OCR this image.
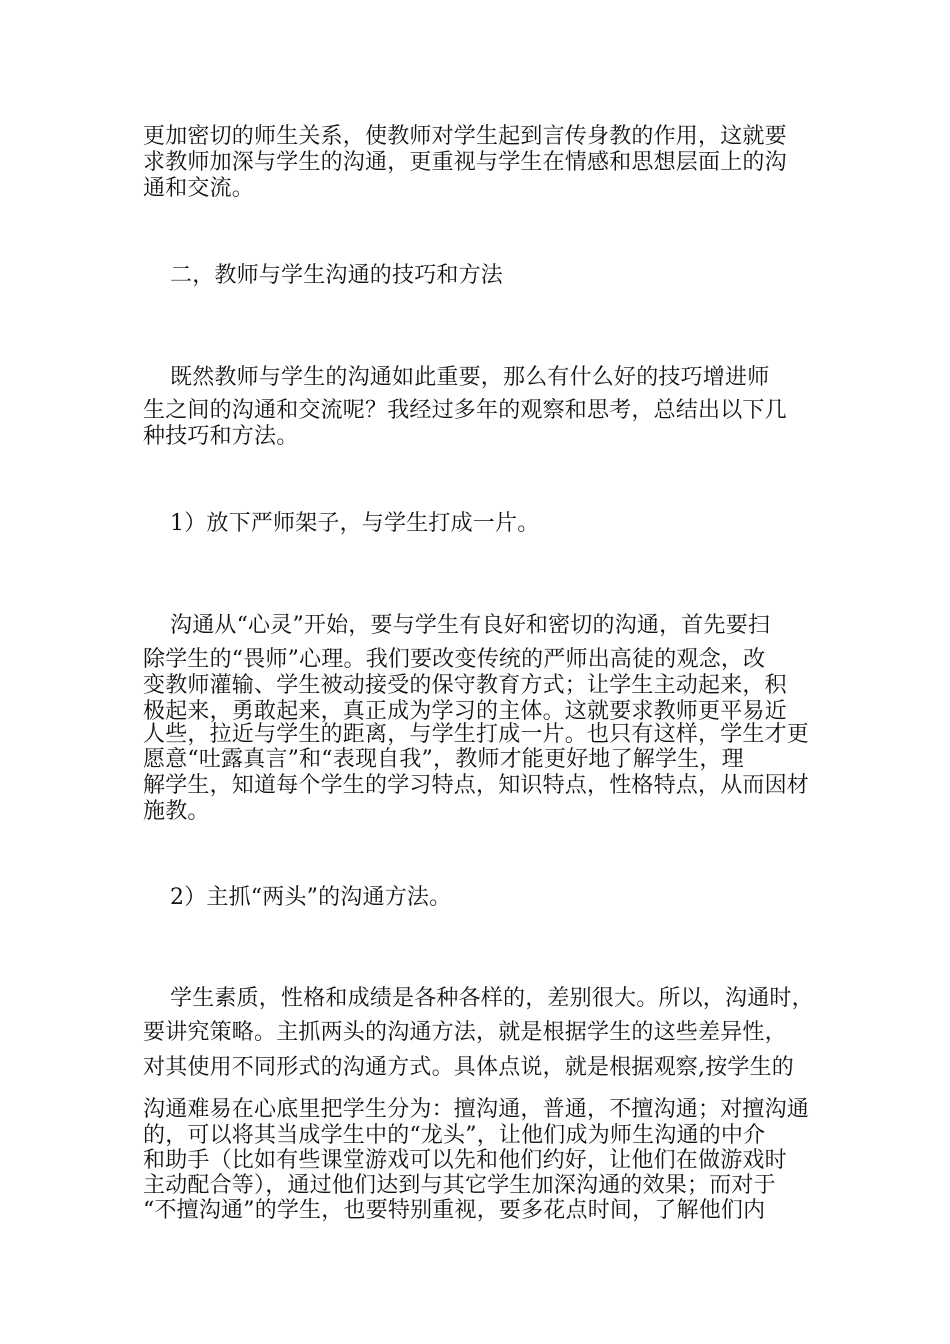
更加密切的师生关系，使教师对学生起到言传身教的作用，这就要
求教师加深与学生的沟通，更重视与学生在情感和思想层面上的沟
通和交流。
二，教师与学生沟通的技巧和方法
既然教师与学生的沟通如此重要，那么有什么好的技巧增进师
生之间的沟通和交流呢？我经过多年的观察和思考，总结出以下几
种技巧和方法。
1）放下严师架子，与学生打成一片。
沟通从“心灵”开始，要与学生有良好和密切的沟通，首先要扫
除学生的“畏师”心理。我们要改变传统的严师出高徒的观念，改
变教师灌输、学生被动接受的保守教育方式；让学生主动起来，积
极起来，勇敢起来，真正成为学习的主体。这就要求教师更平易近
人些，拉近与学生的距离，与学生打成一片。也只有这样，学生才更
愿意“吐露真言”和“表现自我”，教师才能更好地了解学生，理
解学生，知道每个学生的学习特点，知识特点，性格特点，从而因材
施教。
2）主抓“两头”的沟通方法。
学生素质，性格和成绩是各种各样的，差别很大。所以，沟通时，
要讲究策略。主抓两头的沟通方法，就是根据学生的这些差异性，
对其使用不同形式的沟通方式。具体点说，就是根据观察,按学生的
沟通难易在心底里把学生分为：擅沟通，普通，不擅沟通；对擅沟通
的，可以将其当成学生中的“龙头”，让他们成为师生沟通的中介
和助手（比如有些课堂游戏可以先和他们约好，让他们在做游戏时
主动配合等），通过他们达到与其它学生加深沟通的效果；而对于
“不擅沟通”的学生，也要特别重视，要多花点时间，了解他们内
